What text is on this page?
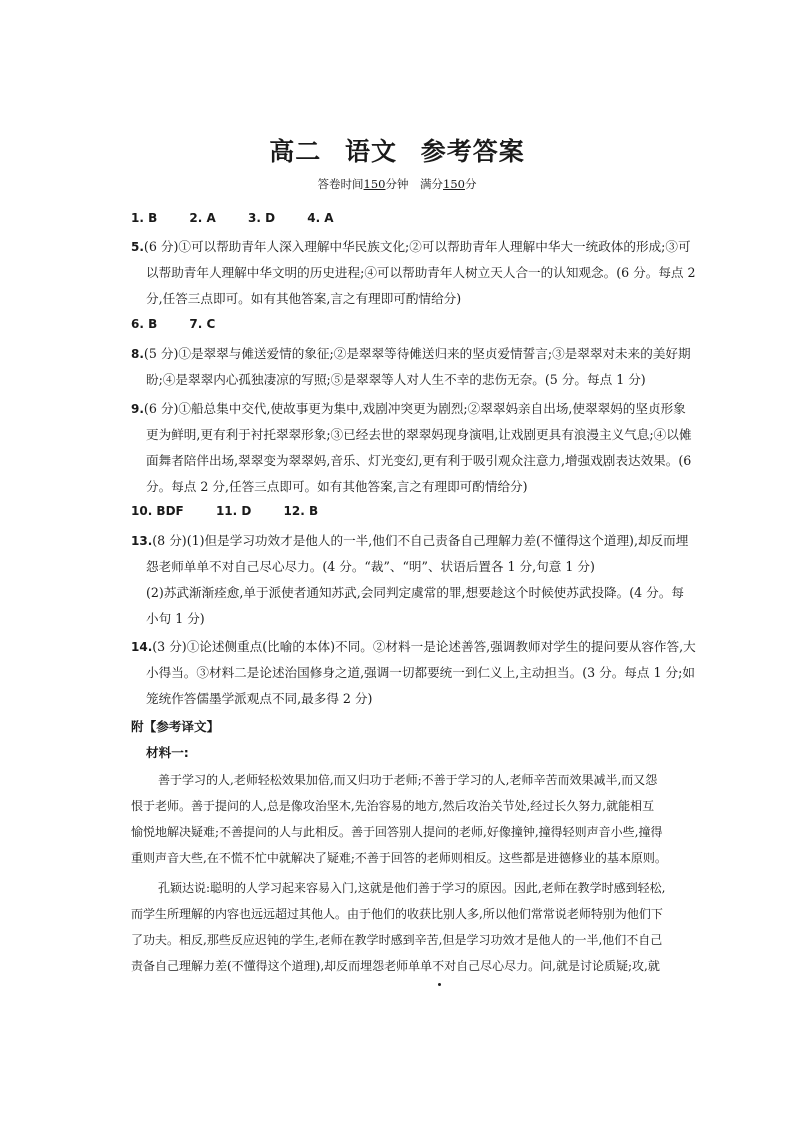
高二 语文 参考答案
答卷时间150分钟　满分150分
1. B	2. A	3. D	4. A
5.(6 分)①可以帮助青年人深入理解中华民族文化;②可以帮助青年人理解中华大一统政体的形成;③可
以帮助青年人理解中华文明的历史进程;④可以帮助青年人树立天人合一的认知观念。(6 分。每点 2
分,任答三点即可。如有其他答案,言之有理即可酌情给分)
6. B	7. C
8.(5 分)①是翠翠与傩送爱情的象征;②是翠翠等待傩送归来的坚贞爱情誓言;③是翠翠对未来的美好期
盼;④是翠翠内心孤独凄凉的写照;⑤是翠翠等人对人生不幸的悲伤无奈。(5 分。每点 1 分)
9.(6 分)①船总集中交代,使故事更为集中,戏剧冲突更为剧烈;②翠翠妈亲自出场,使翠翠妈的坚贞形象
更为鲜明,更有利于衬托翠翠形象;③已经去世的翠翠妈现身演唱,让戏剧更具有浪漫主义气息;④以傩
面舞者陪伴出场,翠翠变为翠翠妈,音乐、灯光变幻,更有利于吸引观众注意力,增强戏剧表达效果。(6
分。每点 2 分,任答三点即可。如有其他答案,言之有理即可酌情给分)
10. BDF	11. D	12. B
13.(8 分)(1)但是学习功效才是他人的一半,他们不自己责备自己理解力差(不懂得这个道理),却反而埋
怨老师单单不对自己尽心尽力。(4 分。“裁”、“明”、状语后置各 1 分,句意 1 分)
(2)苏武渐渐痊愈,单于派使者通知苏武,会同判定虞常的罪,想要趁这个时候使苏武投降。(4 分。每
小句 1 分)
14.(3 分)①论述侧重点(比喻的本体)不同。②材料一是论述善答,强调教师对学生的提问要从容作答,大
小得当。③材料二是论述治国修身之道,强调一切都要统一到仁义上,主动担当。(3 分。每点 1 分;如
笼统作答儒墨学派观点不同,最多得 2 分)
附【参考译文】
材料一:
善于学习的人,老师轻松效果加倍,而又归功于老师;不善于学习的人,老师辛苦而效果减半,而又怨
恨于老师。善于提问的人,总是像攻治坚木,先治容易的地方,然后攻治关节处,经过长久努力,就能相互
愉悦地解决疑难;不善提问的人与此相反。善于回答别人提问的老师,好像撞钟,撞得轻则声音小些,撞得
重则声音大些,在不慌不忙中就解决了疑难;不善于回答的老师则相反。这些都是进德修业的基本原则。
孔颖达说:聪明的人学习起来容易入门,这就是他们善于学习的原因。因此,老师在教学时感到轻松,
而学生所理解的内容也远远超过其他人。由于他们的收获比别人多,所以他们常常说老师特别为他们下
了功夫。相反,那些反应迟钝的学生,老师在教学时感到辛苦,但是学习功效才是他人的一半,他们不自己
责备自己理解力差(不懂得这个道理),却反而埋怨老师单单不对自己尽心尽力。问,就是讨论质疑;攻,就
